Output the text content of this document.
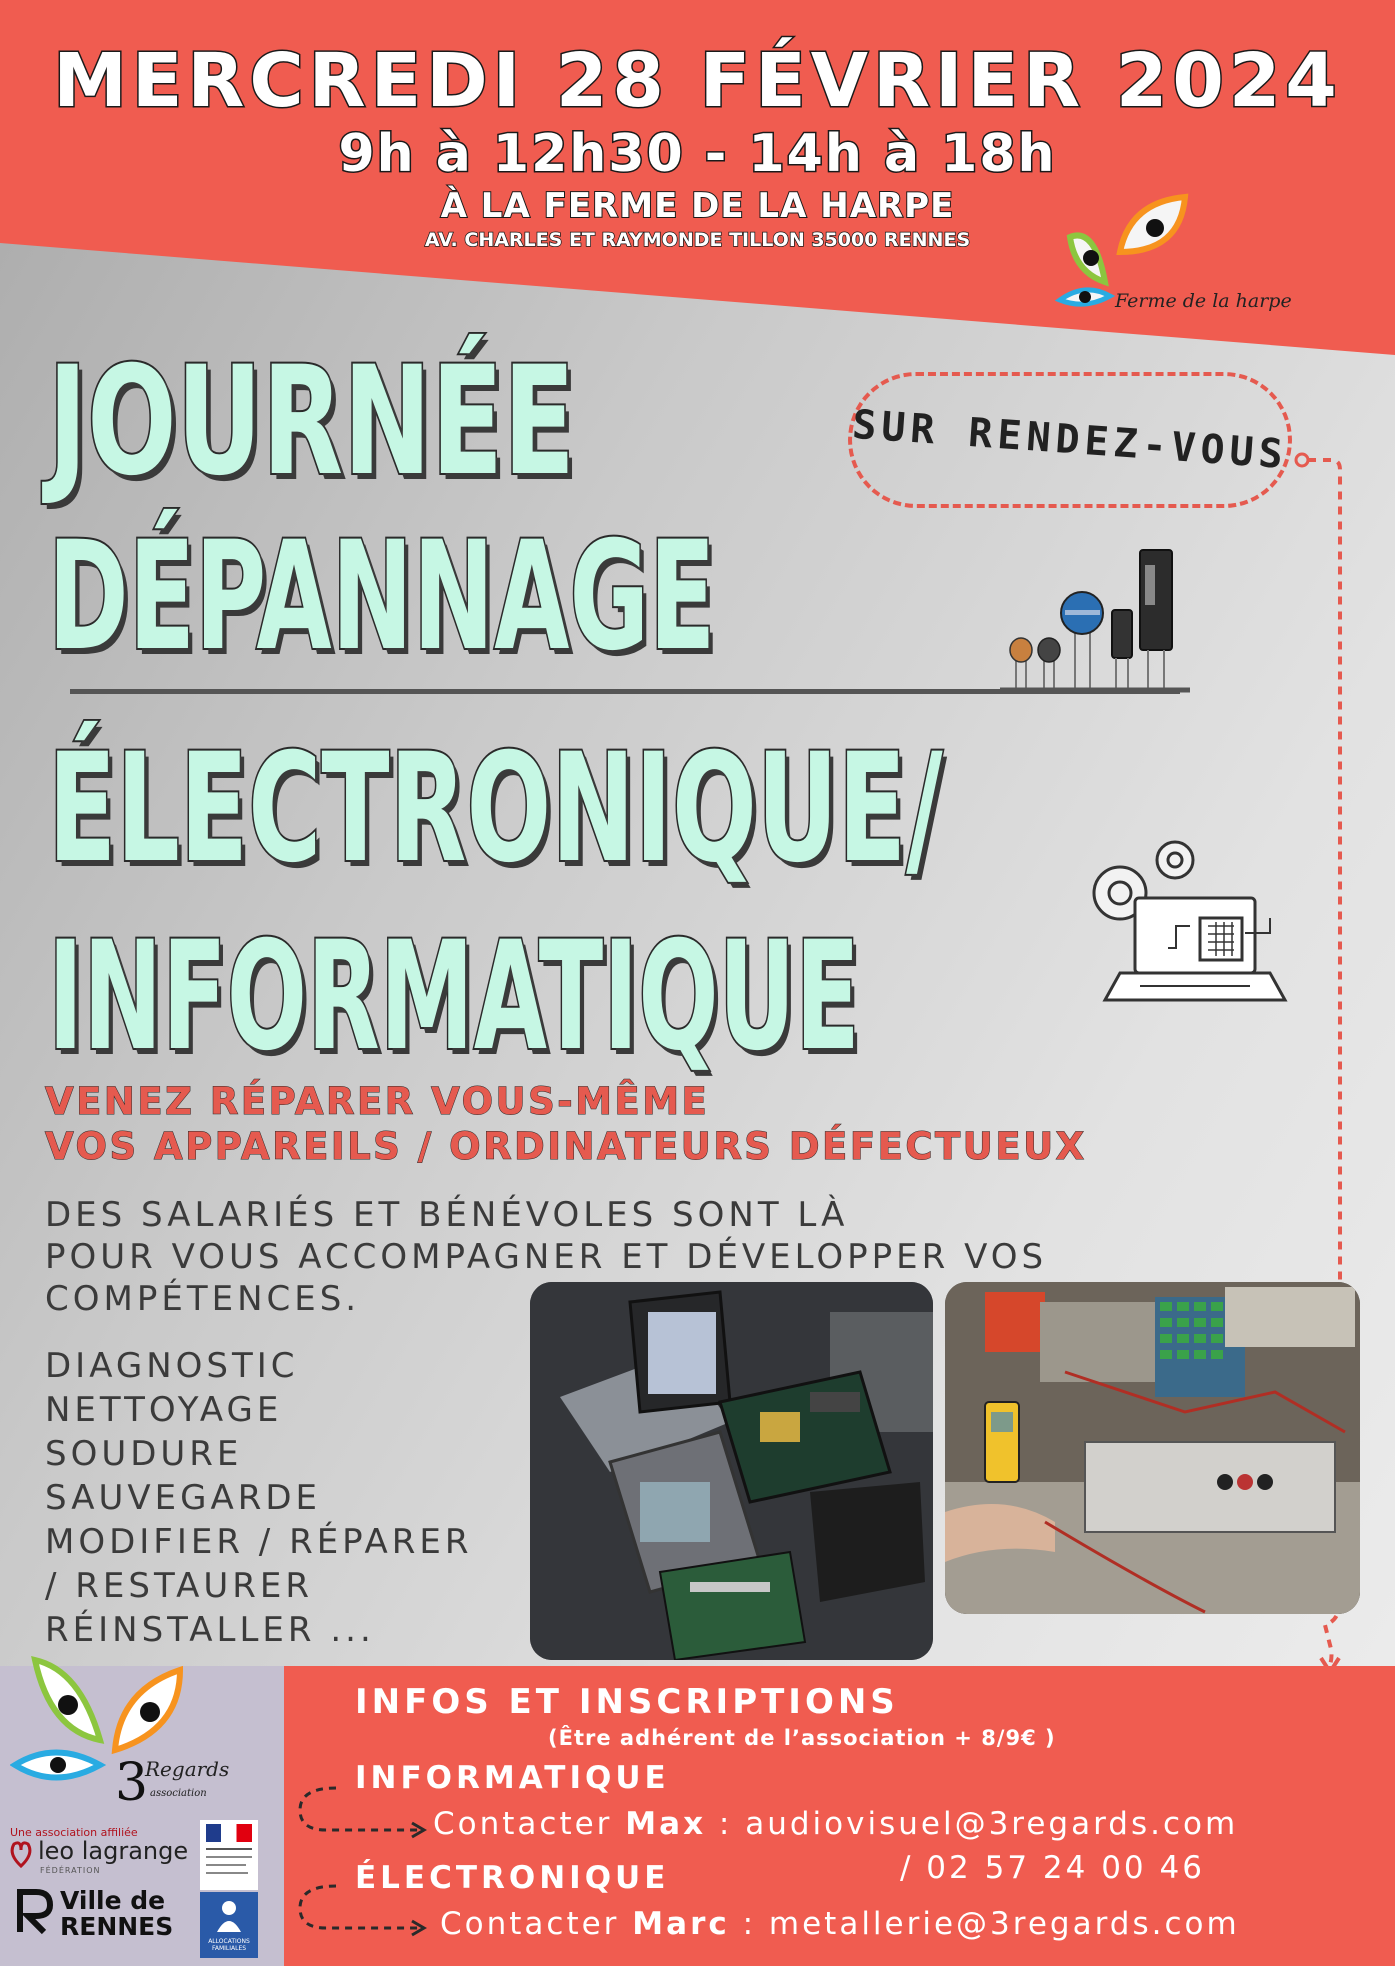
MERCREDI 28 FÉVRIER 2024
9h à 12h30 - 14h à 18h
À LA FERME DE LA HARPE
AV. CHARLES ET RAYMONDE TILLON 35000 RENNES
Ferme de la harpe
SUR RENDEZ-VOUS
JOURNÉE
DÉPANNAGE
ÉLECTRONIQUE/
INFORMATIQUE
VENEZ RÉPARER VOUS-MÊME
VOS APPAREILS / ORDINATEURS DÉFECTUEUX
DES SALARIÉS ET BÉNÉVOLES SONT LÀ
POUR VOUS ACCOMPAGNER ET DÉVELOPPER VOS
COMPÉTENCES.
DIAGNOSTIC
NETTOYAGE
SOUDURE
SAUVEGARDE
MODIFIER / RÉPARER
/ RESTAURER
RÉINSTALLER ...
3
Regards
association
Une association affiliée
leo lagrange
FÉDÉRATION
Ville de
RENNES
ALLOCATIONS FAMILIALES
INFOS ET INSCRIPTIONS
(Être adhérent de l’association + 8/9€ )
INFORMATIQUE
Contacter Max : audiovisuel@3regards.com
/ 02 57 24 00 46
ÉLECTRONIQUE
Contacter Marc : metallerie@3regards.com
